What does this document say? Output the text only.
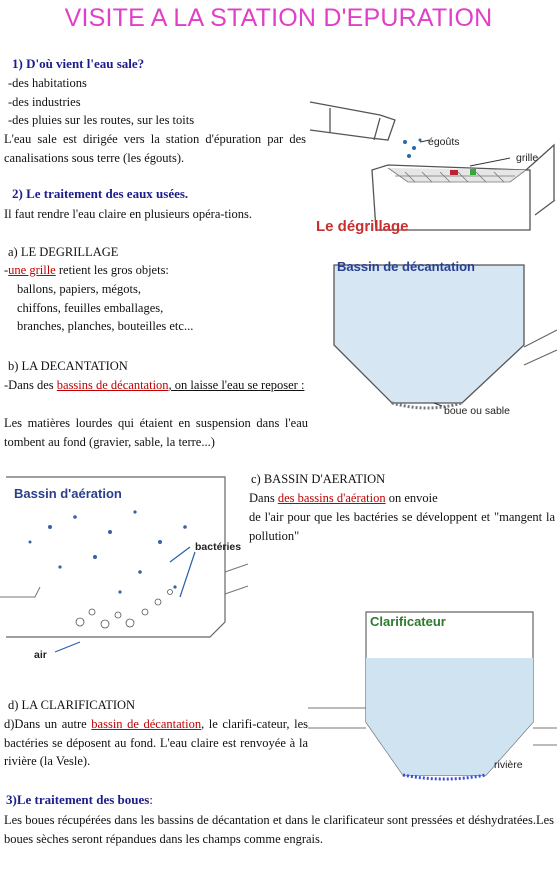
VISITE A LA STATION D'EPURATION
1) D'où vient l'eau sale?
-des habitations
-des industries
-des pluies sur les routes, sur les toits
L'eau sale est dirigée vers la station d'épuration par des canalisations sous terre (les égouts).
2) Le traitement des eaux usées.
Il faut rendre l'eau claire en plusieurs opéra-tions.
a) LE DEGRILLAGE
-une grille retient les gros objets:
ballons, papiers, mégots,
chiffons, feuilles emballages,
branches, planches, bouteilles etc...
b) LA DECANTATION
-Dans des bassins de décantation, on laisse l'eau se reposer :
Les matières lourdes qui étaient en suspension dans l'eau tombent au fond (gravier, sable, la terre...)
c) BASSIN D'AERATION
Dans des bassins d'aération on envoie
de l'air pour que les bactéries se développent et "mangent la pollution"
d) LA CLARIFICATION
d)Dans un autre bassin de décantation, le clarifi-cateur, les bactéries se déposent au fond. L'eau claire est renvoyée à la rivière (la Vesle).
3)Le traitement des boues:
Les boues récupérées dans les bassins de décantation et dans le clarificateur sont pressées et déshydratées.Les boues sèches seront répandues dans les champs comme engrais.
égoûts
grille
Le dégrillage
Bassin de décantation
boue ou sable
Bassin d'aération
bactéries
air
Clarificateur
rivière
